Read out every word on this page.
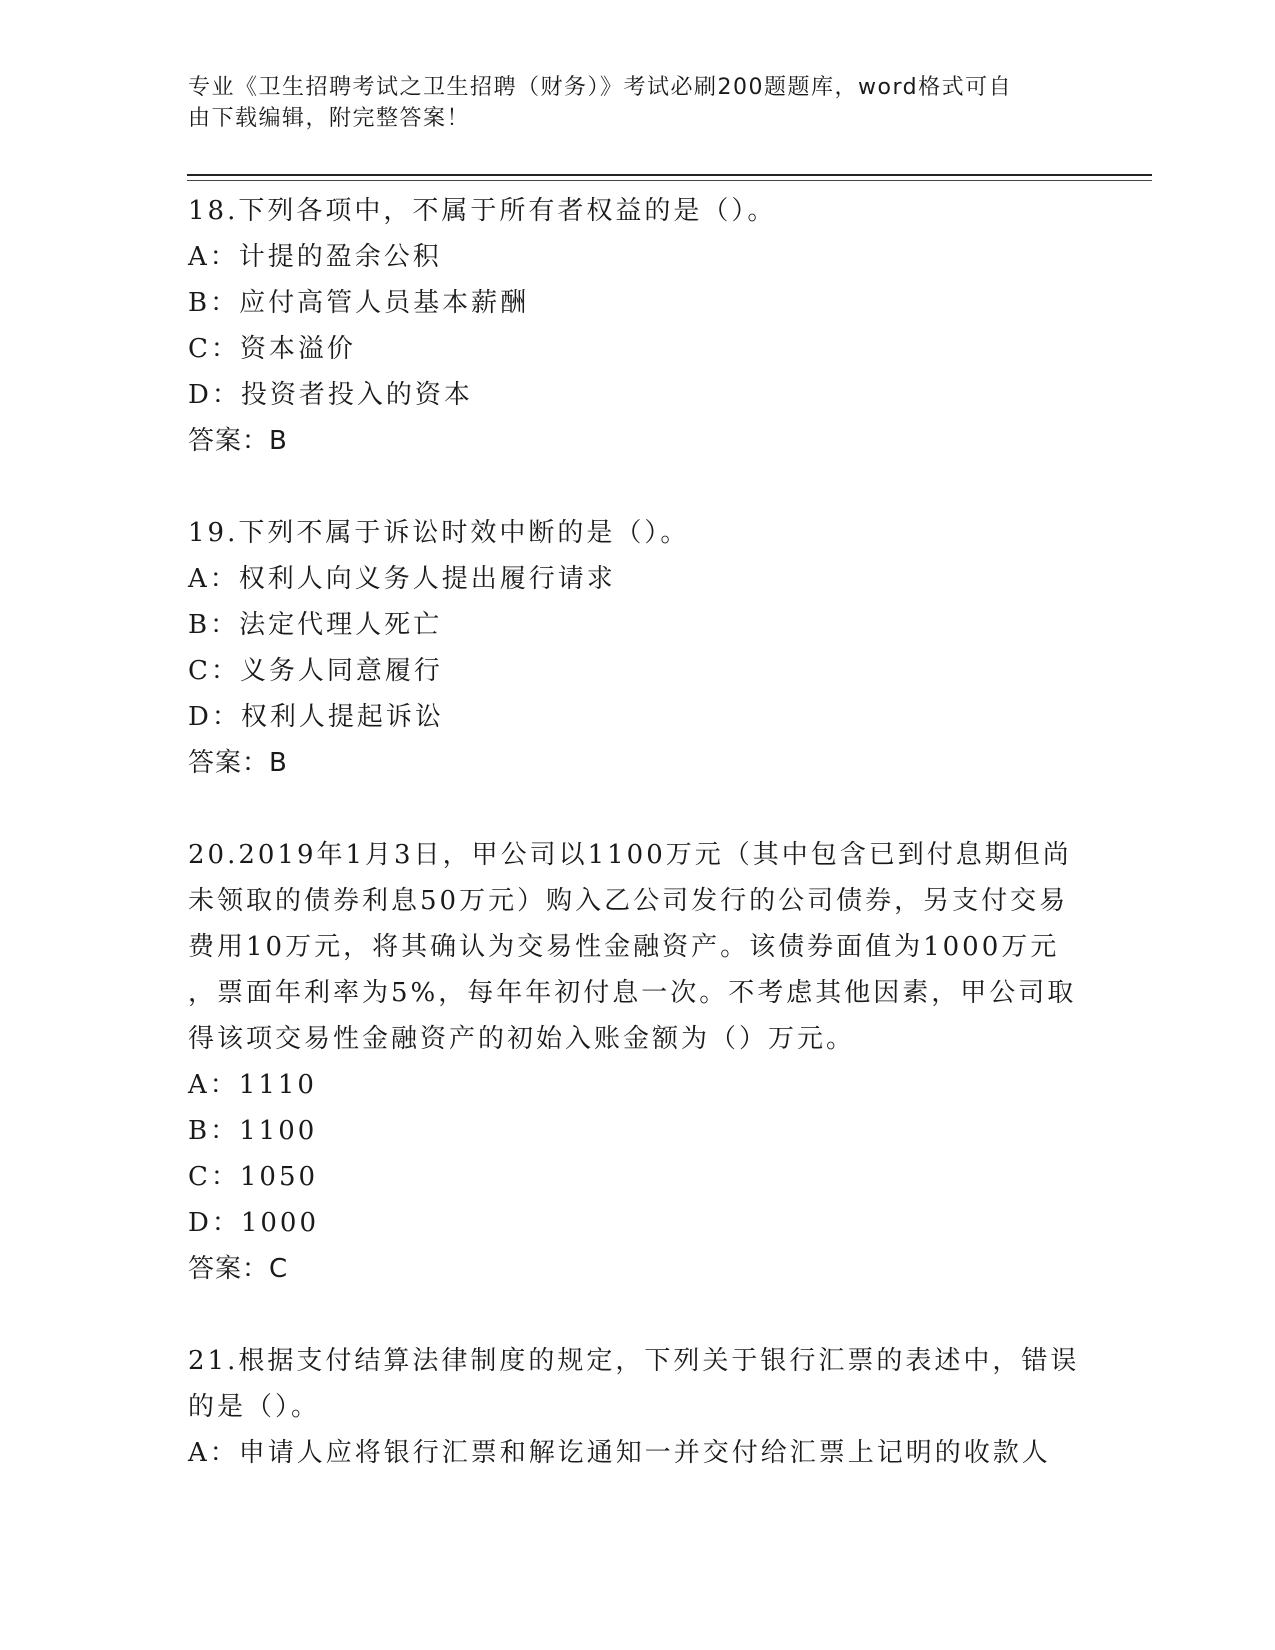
专业《卫生招聘考试之卫生招聘（财务）》考试必刷200题题库，word格式可自
由下载编辑，附完整答案！
18.下列各项中，不属于所有者权益的是（）。
A：计提的盈余公积
B：应付高管人员基本薪酬
C：资本溢价
D：投资者投入的资本
答案：B
19.下列不属于诉讼时效中断的是（）。
A：权利人向义务人提出履行请求
B：法定代理人死亡
C：义务人同意履行
D：权利人提起诉讼
答案：B
20.2019年1月3日，甲公司以1100万元（其中包含已到付息期但尚
未领取的债券利息50万元）购入乙公司发行的公司债券，另支付交易
费用10万元，将其确认为交易性金融资产。该债券面值为1000万元
，票面年利率为5%，每年年初付息一次。不考虑其他因素，甲公司取
得该项交易性金融资产的初始入账金额为（）万元。
A：1110
B：1100
C：1050
D：1000
答案：C
21.根据支付结算法律制度的规定，下列关于银行汇票的表述中，错误
的是（）。
A：申请人应将银行汇票和解讫通知一并交付给汇票上记明的收款人
